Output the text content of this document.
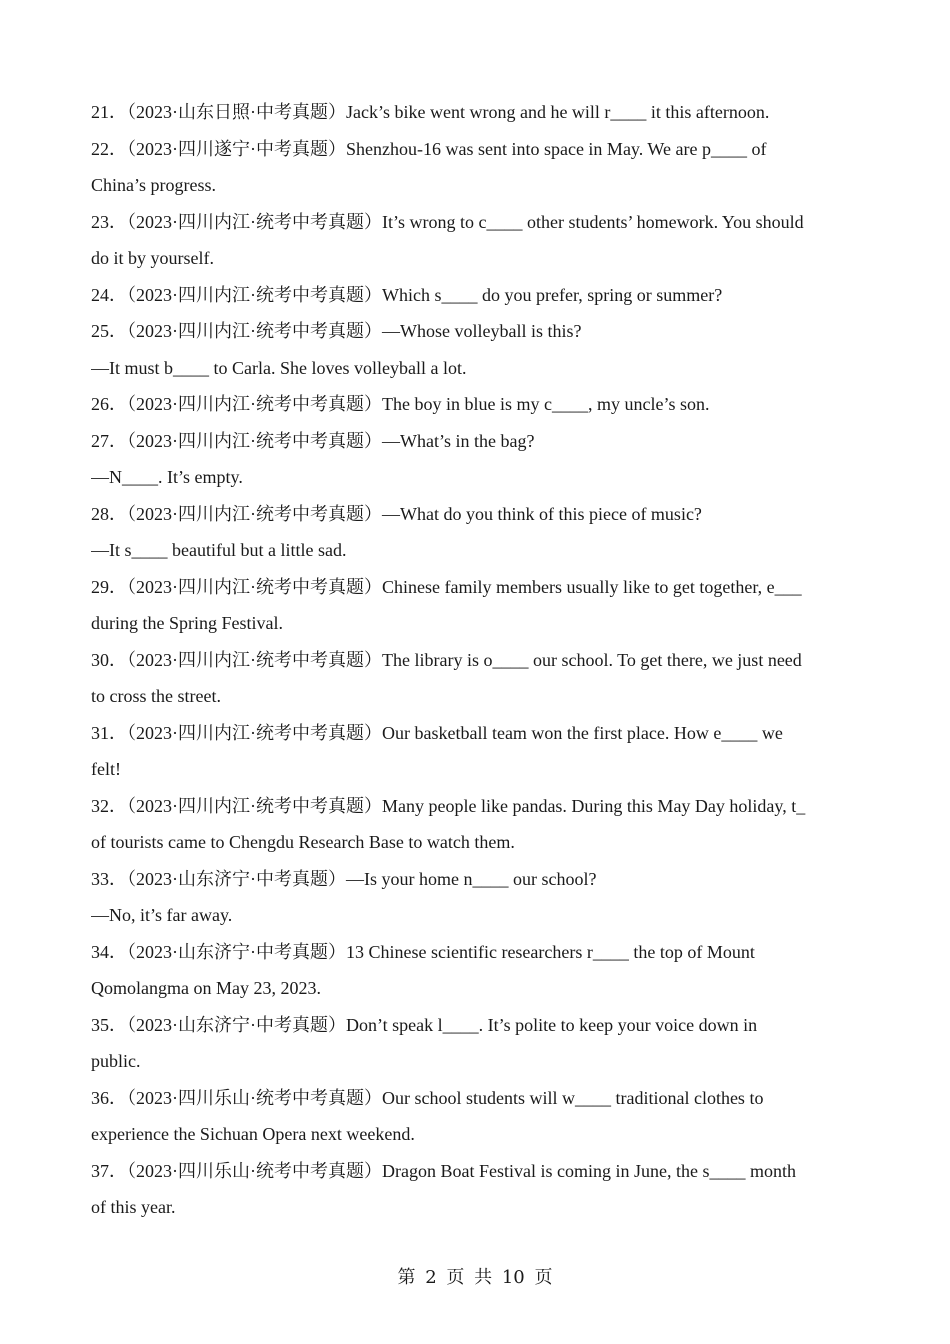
21．（2023·山东日照·中考真题）Jack’s bike went wrong and he will r____ it this afternoon.
22．（2023·四川遂宁·中考真题）Shenzhou-16 was sent into space in May. We are p____ of
China’s progress.
23．（2023·四川内江·统考中考真题）It’s wrong to c____ other students’ homework. You should
do it by yourself.
24．（2023·四川内江·统考中考真题）Which s____ do you prefer, spring or summer?
25．（2023·四川内江·统考中考真题）—Whose volleyball is this?
—It must b____ to Carla. She loves volleyball a lot.
26．（2023·四川内江·统考中考真题）The boy in blue is my c____, my uncle’s son.
27．（2023·四川内江·统考中考真题）—What’s in the bag?
—N____. It’s empty.
28．（2023·四川内江·统考中考真题）—What do you think of this piece of music?
—It s____ beautiful but a little sad.
29．（2023·四川内江·统考中考真题）Chinese family members usually like to get together, e___
during the Spring Festival.
30．（2023·四川内江·统考中考真题）The library is o____ our school. To get there, we just need
to cross the street.
31．（2023·四川内江·统考中考真题）Our basketball team won the first place. How e____ we
felt!
32．（2023·四川内江·统考中考真题）Many people like pandas. During this May Day holiday, t_
of tourists came to Chengdu Research Base to watch them.
33．（2023·山东济宁·中考真题）—Is your home n____ our school?
—No, it’s far away.
34．（2023·山东济宁·中考真题）13 Chinese scientific researchers r____ the top of Mount
Qomolangma on May 23, 2023.
35．（2023·山东济宁·中考真题）Don’t speak l____. It’s polite to keep your voice down in
public.
36．（2023·四川乐山·统考中考真题）Our school students will w____ traditional clothes to
experience the Sichuan Opera next weekend.
37．（2023·四川乐山·统考中考真题）Dragon Boat Festival is coming in June, the s____ month
of this year.
第 2 页 共 10 页
